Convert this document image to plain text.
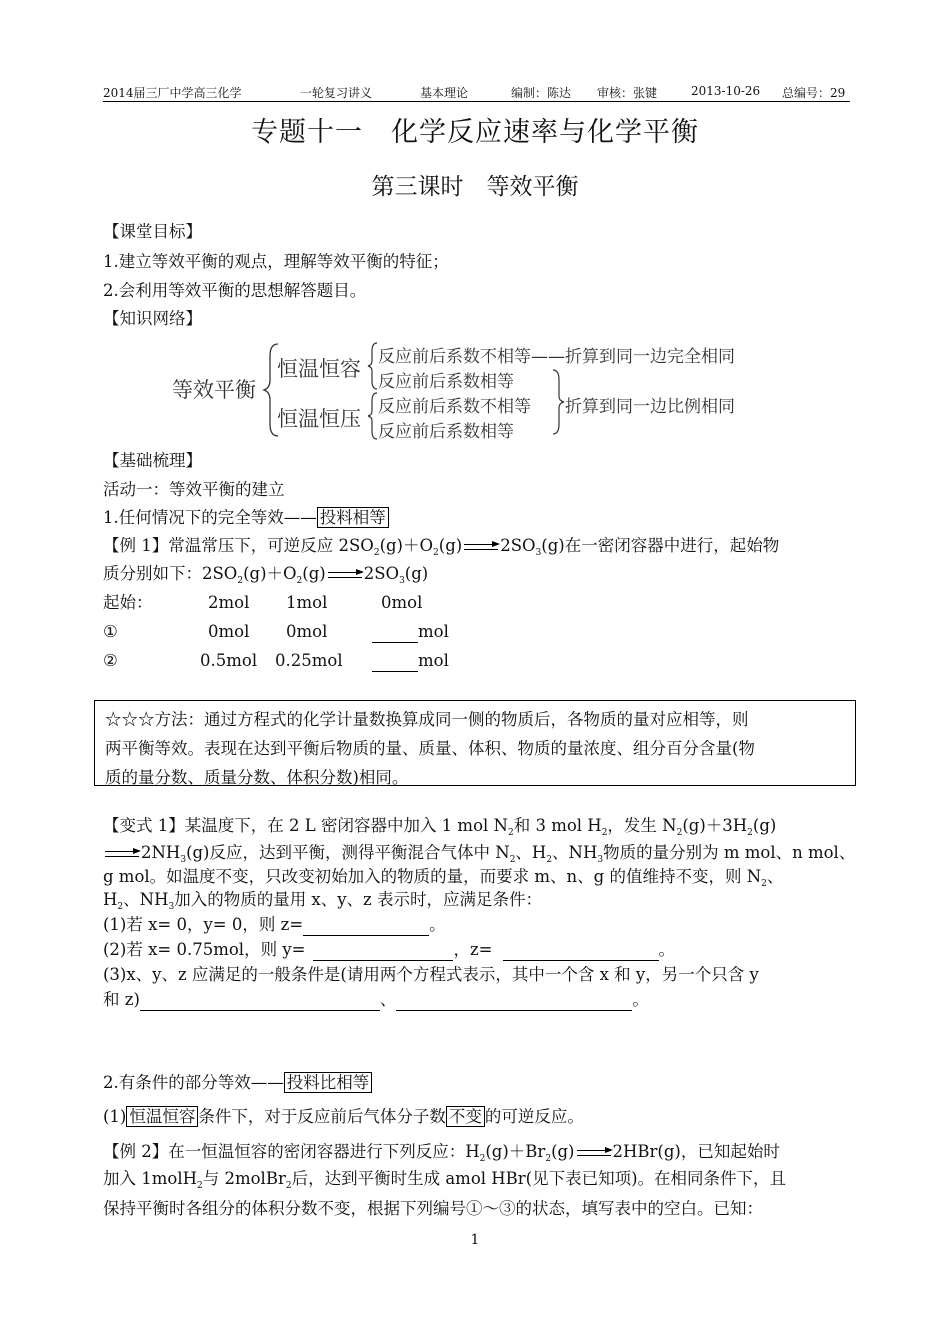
2014届三厂中学高三化学	一轮复习讲义	基本理论	编制：陈达 审核：张键	2013-10-26 总编号：29
专题十一　化学反应速率与化学平衡
第三课时　等效平衡
【课堂目标】
1.建立等效平衡的观点，理解等效平衡的特征；
2.会利用等效平衡的思想解答题目。
【知识网络】
等效平衡
恒温恒容
恒温恒压
反应前后系数不相等——折算到同一边完全相同
反应前后系数相等
反应前后系数不相等
反应前后系数相等
折算到同一边比例相同
【基础梳理】
活动一：等效平衡的建立
1.任何情况下的完全等效—— 投料相等
【例 1】常温常压下，可逆反应 $2SO_2(g)+O_2(g)$ $2SO_3(g)$在一密闭容器中进行，起始物
质分别如下：$2SO_2(g)+O_2(g)$ $2SO_3(g)$
起始：	2mol 1mol	0mol
①	0mol 0mol	mol
②	0.5mol 0.25mol	mol
☆☆☆方法：通过方程式的化学计量数换算成同一侧的物质后，各物质的量对应相等，则
两平衡等效。表现在达到平衡后物质的量、质量、体积、物质的量浓度、组分百分含量(物
质的量分数、质量分数、体积分数)相同。
【变式 1】某温度下，在 2 L 密闭容器中加入 1 mol $N_2$和 3 mol $H_2$，发生 $N_2(g)+3H_2(g)$
$2NH_3(g)$反应，达到平衡，测得平衡混合气体中 $N_2$、$H_2$、$NH_3$物质的量分别为 m mol、n mol、
g mol。如温度不变，只改变初始加入的物质的量，而要求 m、n、g 的值维持不变，则 $N_2$、
$H_2$、$NH_3$加入的物质的量用 x、y、z 表示时，应满足条件：
(1)若 x= 0，y= 0，则 z=	。
(2)若 x= 0.75mol，则 y=	，z=	。
(3)x、y、z 应满足的一般条件是(请用两个方程式表示，其中一个含 x 和 y，另一个只含 y
和 z)	、	。
2.有条件的部分等效—— 投料比相等
(1) 恒温恒容 条件下，对于反应前后气体分子数 不变 的可逆反应。
【例 2】在一恒温恒容的密闭容器进行下列反应：$H_2(g)+Br_2(g)$ 2HBr(g)，已知起始时
加入 1molH$_2$与 2molBr$_2$后，达到平衡时生成 amol HBr(见下表已知项)。在相同条件下，且
保持平衡时各组分的体积分数不变，根据下列编号①～③的状态，填写表中的空白。已知：
1
